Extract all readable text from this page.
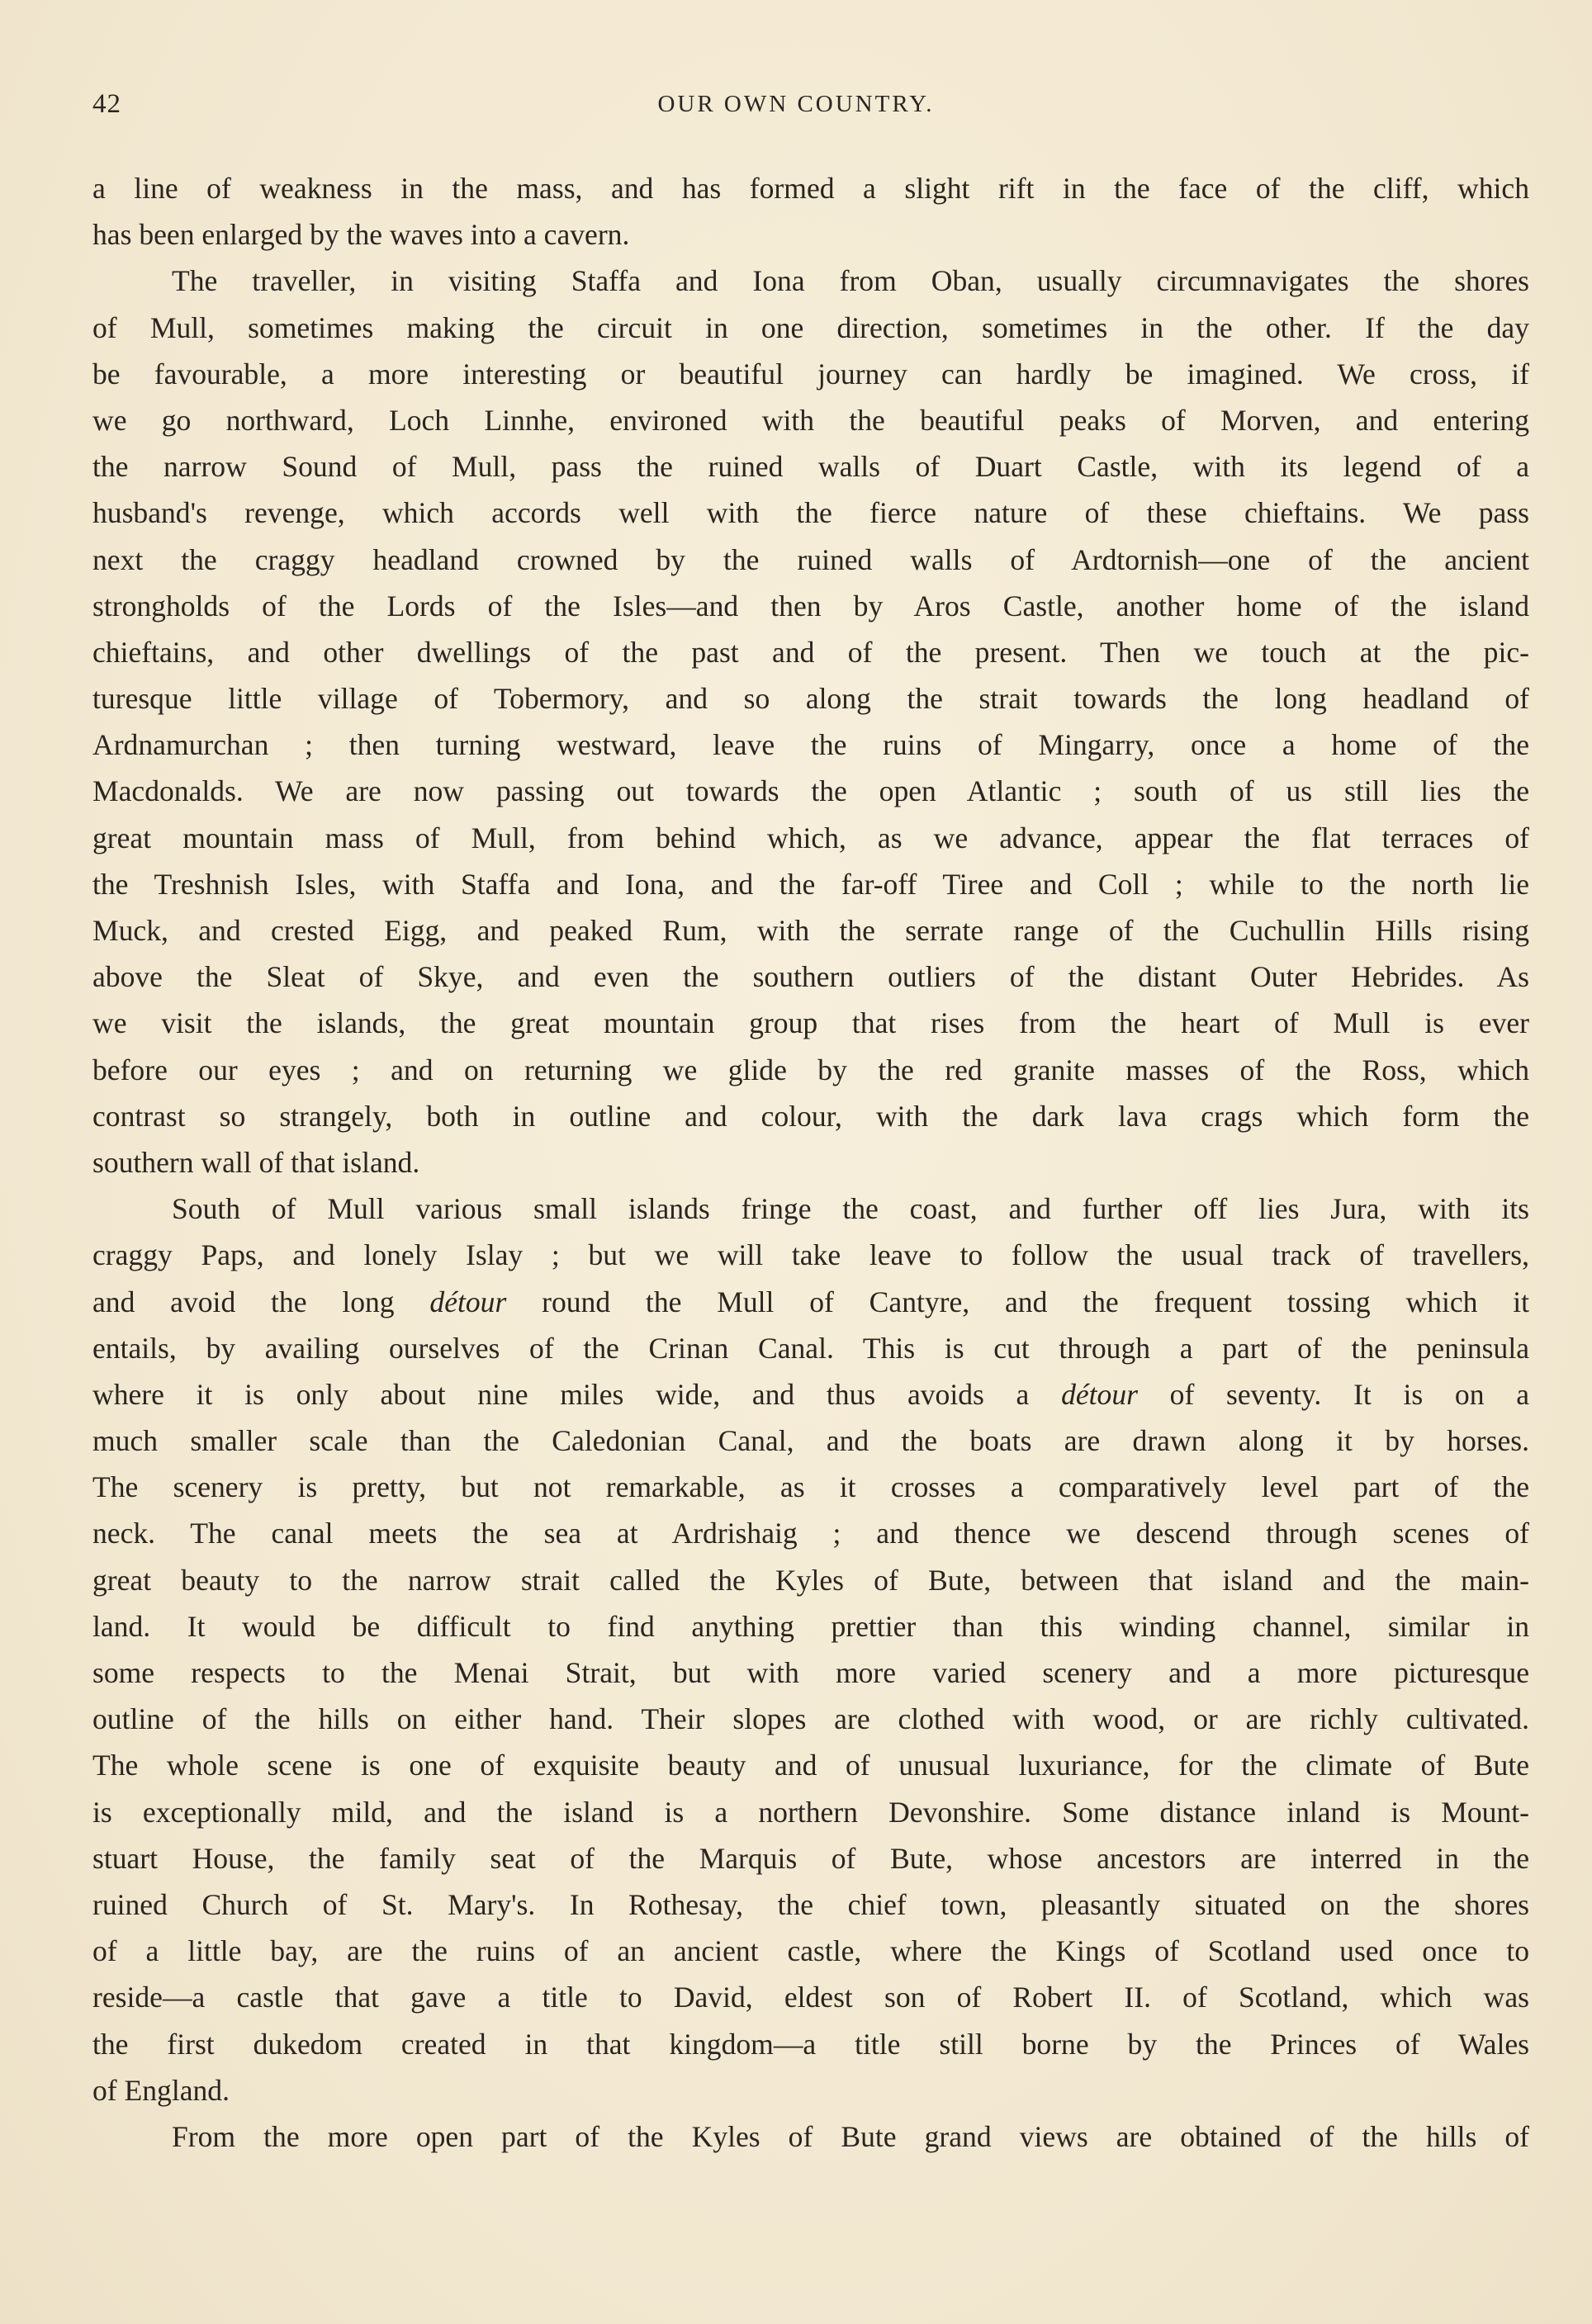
42	OUR OWN COUNTRY.
a line of weakness in the mass, and has formed a slight rift in the face of the cliff, which
has been enlarged by the waves into a cavern.
The traveller, in visiting Staffa and Iona from Oban, usually circumnavigates the shores
of Mull, sometimes making the circuit in one direction, sometimes in the other. If the day
be favourable, a more interesting or beautiful journey can hardly be imagined. We cross, if
we go northward, Loch Linnhe, environed with the beautiful peaks of Morven, and entering
the narrow Sound of Mull, pass the ruined walls of Duart Castle, with its legend of a
husband's revenge, which accords well with the fierce nature of these chieftains. We pass
next the craggy headland crowned by the ruined walls of Ardtornish—one of the ancient
strongholds of the Lords of the Isles—and then by Aros Castle, another home of the island
chieftains, and other dwellings of the past and of the present. Then we touch at the pic-
turesque little village of Tobermory, and so along the strait towards the long headland of
Ardnamurchan ; then turning westward, leave the ruins of Mingarry, once a home of the
Macdonalds. We are now passing out towards the open Atlantic ; south of us still lies the
great mountain mass of Mull, from behind which, as we advance, appear the flat terraces of
the Treshnish Isles, with Staffa and Iona, and the far-off Tiree and Coll ; while to the north lie
Muck, and crested Eigg, and peaked Rum, with the serrate range of the Cuchullin Hills rising
above the Sleat of Skye, and even the southern outliers of the distant Outer Hebrides. As
we visit the islands, the great mountain group that rises from the heart of Mull is ever
before our eyes ; and on returning we glide by the red granite masses of the Ross, which
contrast so strangely, both in outline and colour, with the dark lava crags which form the
southern wall of that island.
South of Mull various small islands fringe the coast, and further off lies Jura, with its
craggy Paps, and lonely Islay ; but we will take leave to follow the usual track of travellers,
and avoid the long détour round the Mull of Cantyre, and the frequent tossing which it
entails, by availing ourselves of the Crinan Canal. This is cut through a part of the peninsula
where it is only about nine miles wide, and thus avoids a détour of seventy. It is on a
much smaller scale than the Caledonian Canal, and the boats are drawn along it by horses.
The scenery is pretty, but not remarkable, as it crosses a comparatively level part of the
neck. The canal meets the sea at Ardrishaig ; and thence we descend through scenes of
great beauty to the narrow strait called the Kyles of Bute, between that island and the main-
land. It would be difficult to find anything prettier than this winding channel, similar in
some respects to the Menai Strait, but with more varied scenery and a more picturesque
outline of the hills on either hand. Their slopes are clothed with wood, or are richly cultivated.
The whole scene is one of exquisite beauty and of unusual luxuriance, for the climate of Bute
is exceptionally mild, and the island is a northern Devonshire. Some distance inland is Mount-
stuart House, the family seat of the Marquis of Bute, whose ancestors are interred in the
ruined Church of St. Mary's. In Rothesay, the chief town, pleasantly situated on the shores
of a little bay, are the ruins of an ancient castle, where the Kings of Scotland used once to
reside—a castle that gave a title to David, eldest son of Robert II. of Scotland, which was
the first dukedom created in that kingdom—a title still borne by the Princes of Wales
of England.
From the more open part of the Kyles of Bute grand views are obtained of the hills of
